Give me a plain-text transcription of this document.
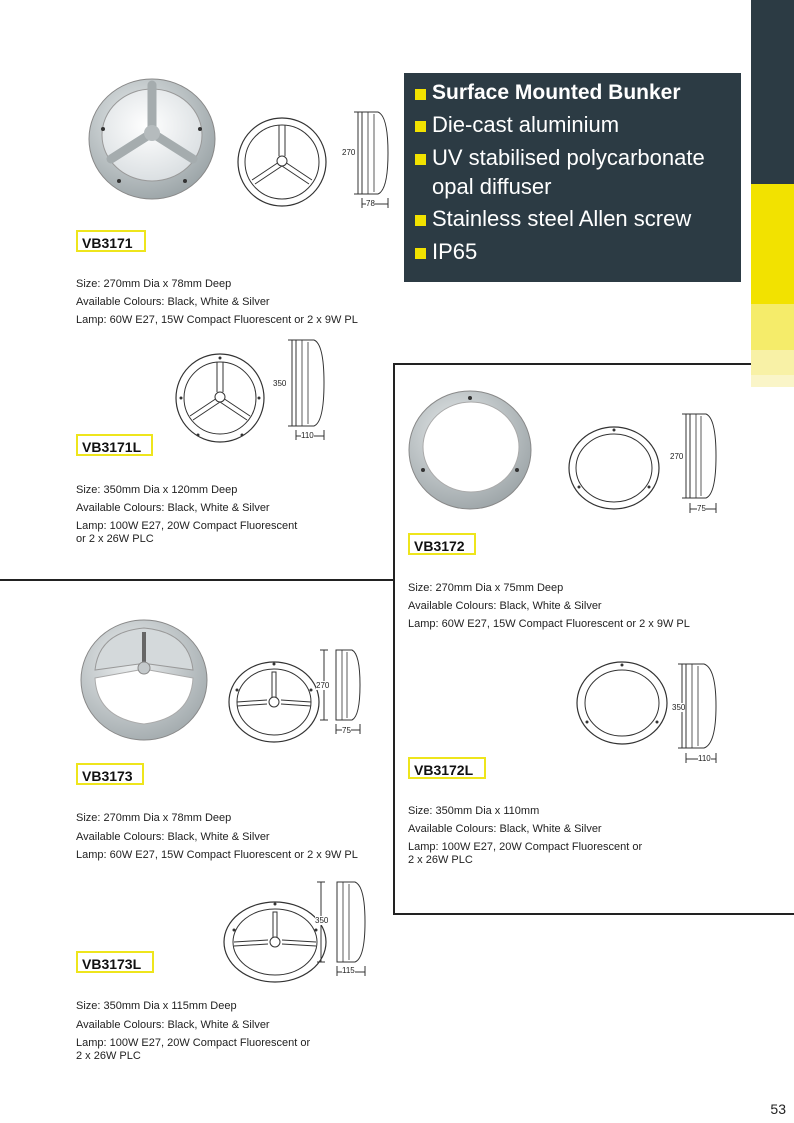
Surface Mounted Bunker
Die-cast aluminium
UV stabilised polycarbonate
opal diffuser
Stainless steel Allen screw
IP65
270
78
VB3171
Size: 270mm Dia x 78mm Deep
Available Colours: Black, White & Silver
Lamp: 60W E27, 15W Compact Fluorescent or 2 x 9W PL
350
110
VB3171L
Size: 350mm Dia x 120mm Deep
Available Colours: Black, White & Silver
Lamp: 100W E27, 20W Compact Fluorescent
or 2 x 26W PLC
270
75
VB3172
Size: 270mm Dia x 75mm Deep
Available Colours: Black, White & Silver
Lamp: 60W E27, 15W Compact Fluorescent or 2 x 9W PL
350
110
VB3172L
Size: 350mm Dia x 110mm
Available Colours: Black, White & Silver
Lamp: 100W E27, 20W Compact Fluorescent or
2 x 26W PLC
270
75
VB3173
Size: 270mm Dia x 78mm Deep
Available Colours: Black, White & Silver
Lamp: 60W E27, 15W Compact Fluorescent or 2 x 9W PL
350
115
VB3173L
Size: 350mm Dia x 115mm Deep
Available Colours: Black, White & Silver
Lamp: 100W E27, 20W Compact Fluorescent or
2 x 26W PLC
53
